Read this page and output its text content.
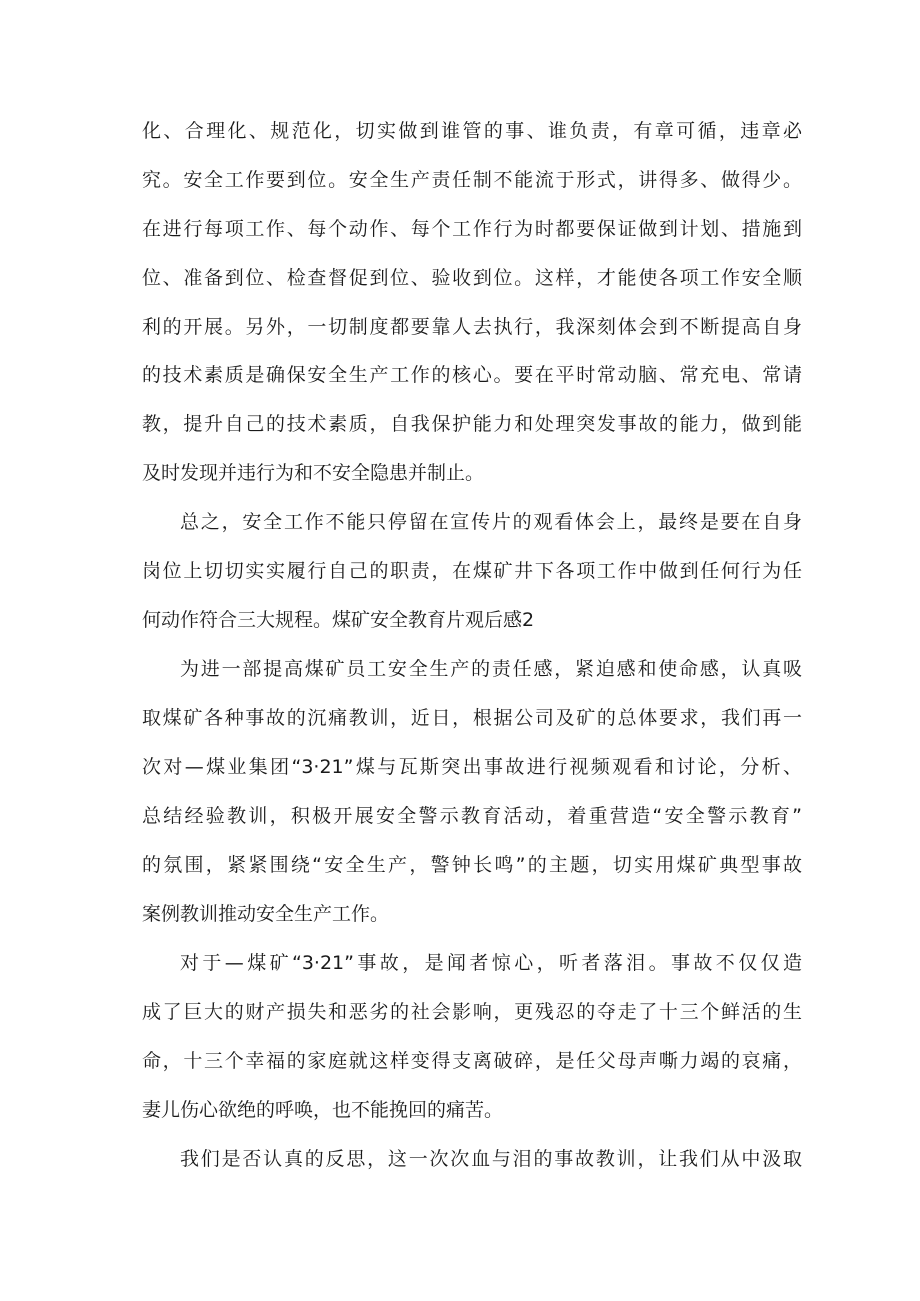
化、合理化、规范化，切实做到谁管的事、谁负责，有章可循，违章必
究。安全工作要到位。安全生产责任制不能流于形式，讲得多、做得少。
在进行每项工作、每个动作、每个工作行为时都要保证做到计划、措施到
位、准备到位、检查督促到位、验收到位。这样，才能使各项工作安全顺
利的开展。另外，一切制度都要靠人去执行，我深刻体会到不断提高自身
的技术素质是确保安全生产工作的核心。要在平时常动脑、常充电、常请
教，提升自己的技术素质，自我保护能力和处理突发事故的能力，做到能
及时发现并违行为和不安全隐患并制止。
总之，安全工作不能只停留在宣传片的观看体会上，最终是要在自身
岗位上切切实实履行自己的职责，在煤矿井下各项工作中做到任何行为任
何动作符合三大规程。煤矿安全教育片观后感2
为进一部提高煤矿员工安全生产的责任感，紧迫感和使命感，认真吸
取煤矿各种事故的沉痛教训，近日，根据公司及矿的总体要求，我们再一
次对—煤业集团“3·21”煤与瓦斯突出事故进行视频观看和讨论，分析、
总结经验教训，积极开展安全警示教育活动，着重营造“安全警示教育”
的氛围，紧紧围绕“安全生产，警钟长鸣”的主题，切实用煤矿典型事故
案例教训推动安全生产工作。
对于—煤矿“3·21”事故，是闻者惊心，听者落泪。事故不仅仅造
成了巨大的财产损失和恶劣的社会影响，更残忍的夺走了十三个鲜活的生
命，十三个幸福的家庭就这样变得支离破碎，是任父母声嘶力竭的哀痛，
妻儿伤心欲绝的呼唤，也不能挽回的痛苦。
我们是否认真的反思，这一次次血与泪的事故教训，让我们从中汲取
